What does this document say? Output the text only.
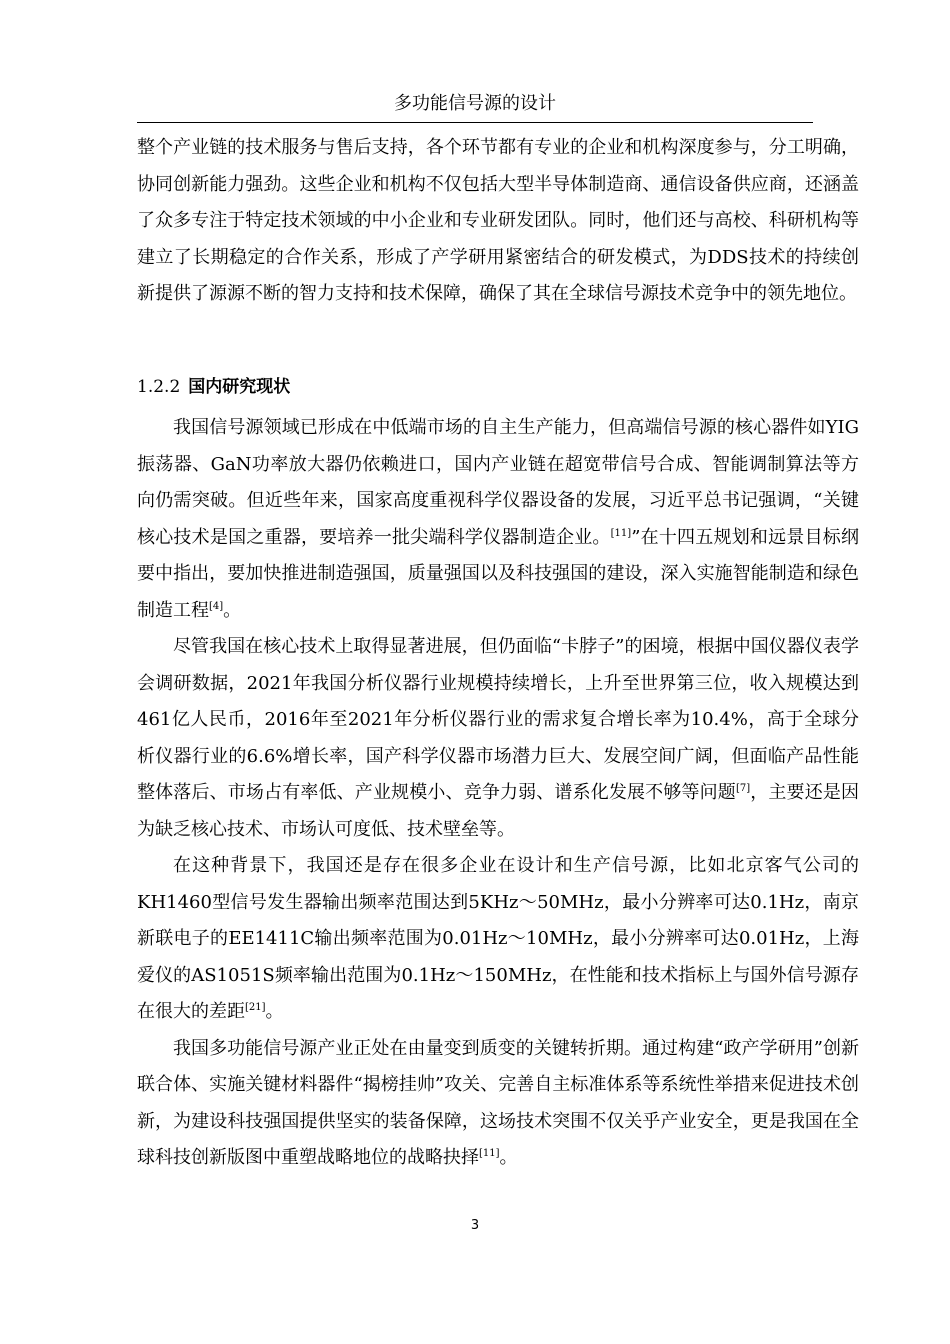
多功能信号源的设计

整个产业链的技术服务与售后支持，各个环节都有专业的企业和机构深度参与，分工明确，协同创新能力强劲。这些企业和机构不仅包括大型半导体制造商、通信设备供应商，还涵盖了众多专注于特定技术领域的中小企业和专业研发团队。同时，他们还与高校、科研机构等建立了长期稳定的合作关系，形成了产学研用紧密结合的研发模式，为DDS技术的持续创新提供了源源不断的智力支持和技术保障，确保了其在全球信号源技术竞争中的领先地位。

1.2.2 国内研究现状

我国信号源领域已形成在中低端市场的自主生产能力，但高端信号源的核心器件如YIG振荡器、GaN功率放大器仍依赖进口，国内产业链在超宽带信号合成、智能调制算法等方向仍需突破。但近些年来，国家高度重视科学仪器设备的发展，习近平总书记强调，“关键核心技术是国之重器，要培养一批尖端科学仪器制造企业。[11]”在十四五规划和远景目标纲要中指出，要加快推进制造强国，质量强国以及科技强国的建设，深入实施智能制造和绿色制造工程[4]。

尽管我国在核心技术上取得显著进展，但仍面临“卡脖子”的困境，根据中国仪器仪表学会调研数据，2021年我国分析仪器行业规模持续增长，上升至世界第三位，收入规模达到461亿人民币，2016年至2021年分析仪器行业的需求复合增长率为10.4%，高于全球分析仪器行业的6.6%增长率，国产科学仪器市场潜力巨大、发展空间广阔，但面临产品性能整体落后、市场占有率低、产业规模小、竞争力弱、谱系化发展不够等问题[7]，主要还是因为缺乏核心技术、市场认可度低、技术壁垒等。

在这种背景下，我国还是存在很多企业在设计和生产信号源，比如北京客气公司的KH1460型信号发生器输出频率范围达到5KHz～50MHz，最小分辨率可达0.1Hz，南京新联电子的EE1411C输出频率范围为0.01Hz～10MHz，最小分辨率可达0.01Hz，上海爱仪的AS1051S频率输出范围为0.1Hz～150MHz，在性能和技术指标上与国外信号源存在很大的差距[21]。

我国多功能信号源产业正处在由量变到质变的关键转折期。通过构建“政产学研用”创新联合体、实施关键材料器件“揭榜挂帅”攻关、完善自主标准体系等系统性举措来促进技术创新，为建设科技强国提供坚实的装备保障，这场技术突围不仅关乎产业安全，更是我国在全球科技创新版图中重塑战略地位的战略抉择[11]。

3
